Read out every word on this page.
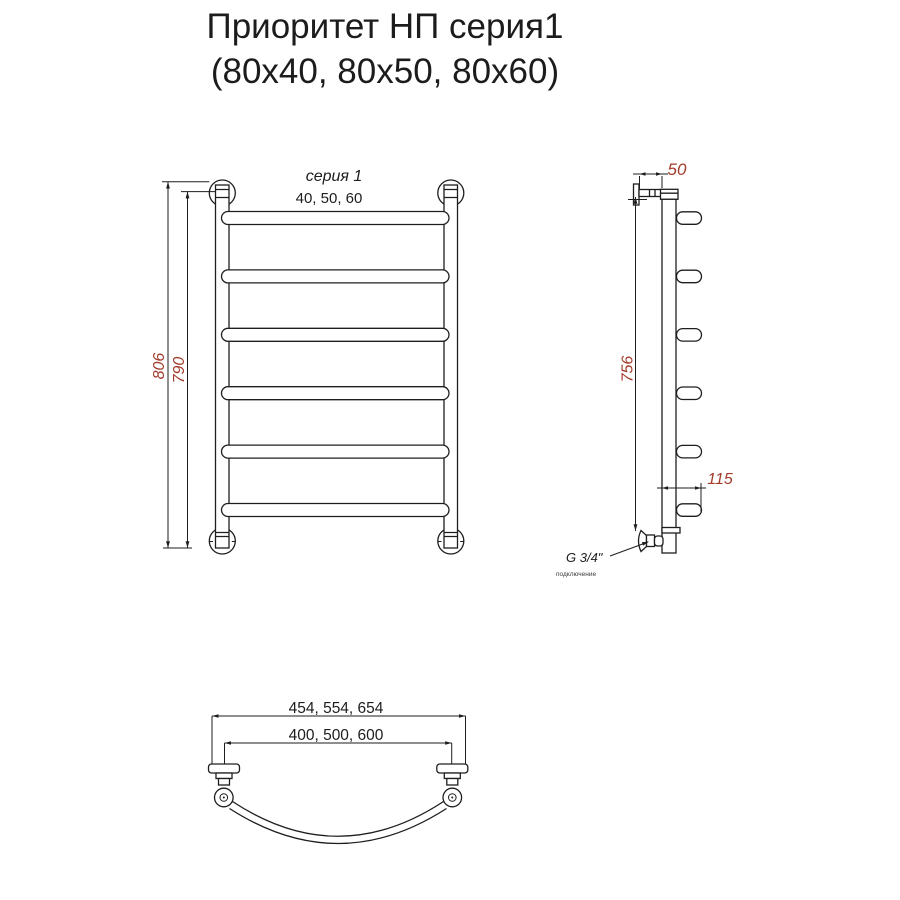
Приоритет НП серия1
(80x40, 80x50, 80x60)
серия 1
40, 50, 60
806 790
50
756
115
G 3/4"
подключение
454, 554, 654
400, 500, 600
